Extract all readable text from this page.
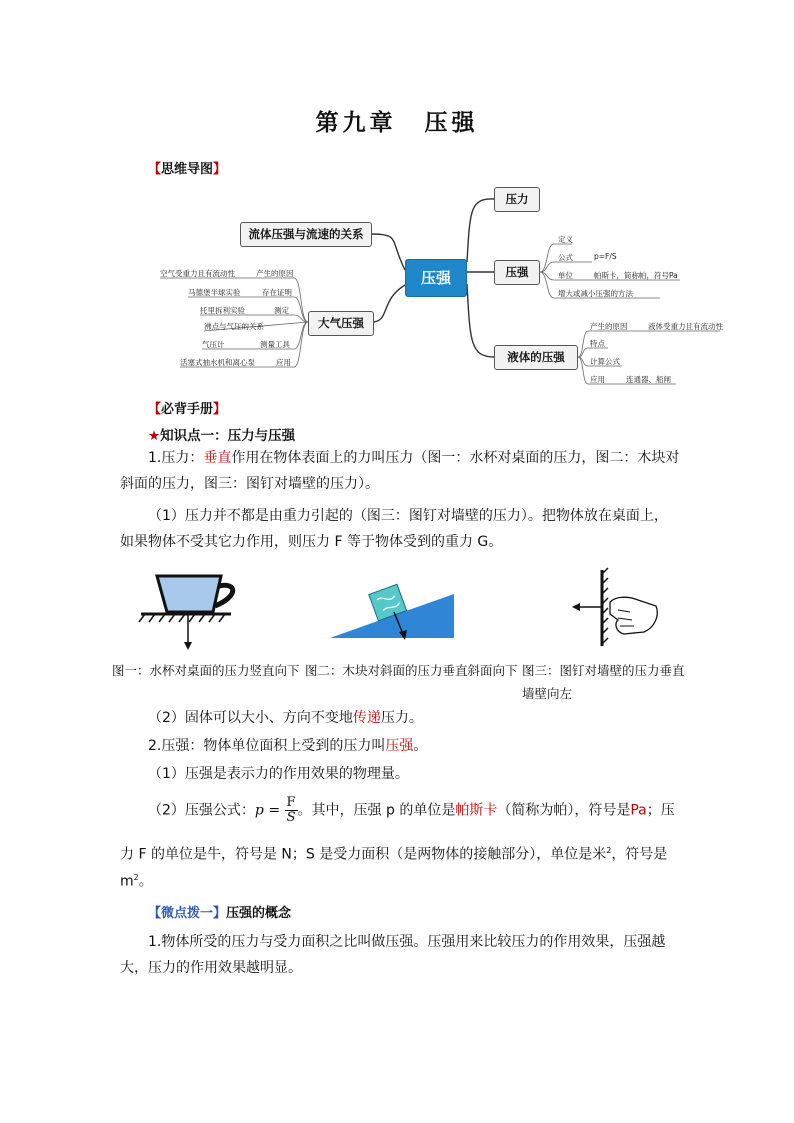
第九章 压强
【思维导图】
压强
流体压强与流速的关系
大气压强
压力
压强
液体的压强
空气受重力且有流动性	产生的原因
马德堡半球实验	存在证明
托里拆利实验	测定
沸点与气压的关系
气压计	测量工具
活塞式抽水机和离心泵	应用
定义
公式	p=F/S
单位	帕斯卡，简称帕，符号Pa
增大或减小压强的方法
产生的原因	液体受重力且有流动性
特点
计算公式
应用	连通器、船闸
【必背手册】
★知识点一：压力与压强
1.压力：垂直作用在物体表面上的力叫压力（图一：水杯对桌面的压力，图二：木块对斜面的压力，图三：图钉对墙壁的压力）。
（1）压力并不都是由重力引起的（图三：图钉对墙壁的压力）。把物体放在桌面上，如果物体不受其它力作用，则压力 F 等于物体受到的重力 G。
图一：水杯对桌面的压力竖直向下 图二：木块对斜面的压力垂直斜面向下 图三：图钉对墙壁的压力垂直
墙壁向左
（2）固体可以大小、方向不变地传递压力。
2.压强：物体单位面积上受到的压力叫压强。
（1）压强是表示力的作用效果的物理量。
（2）压强公式：$p = \frac{F}{S}$ 。其中，压强 p 的单位是帕斯卡（简称为帕），符号是Pa；压
力 F 的单位是牛，符号是 N；S 是受力面积（是两物体的接触部分），单位是米$^2$，符号是
$m^2$。
【微点拨一】压强的概念
1.物体所受的压力与受力面积之比叫做压强。压强用来比较压力的作用效果，压强越大，压力的作用效果越明显。
